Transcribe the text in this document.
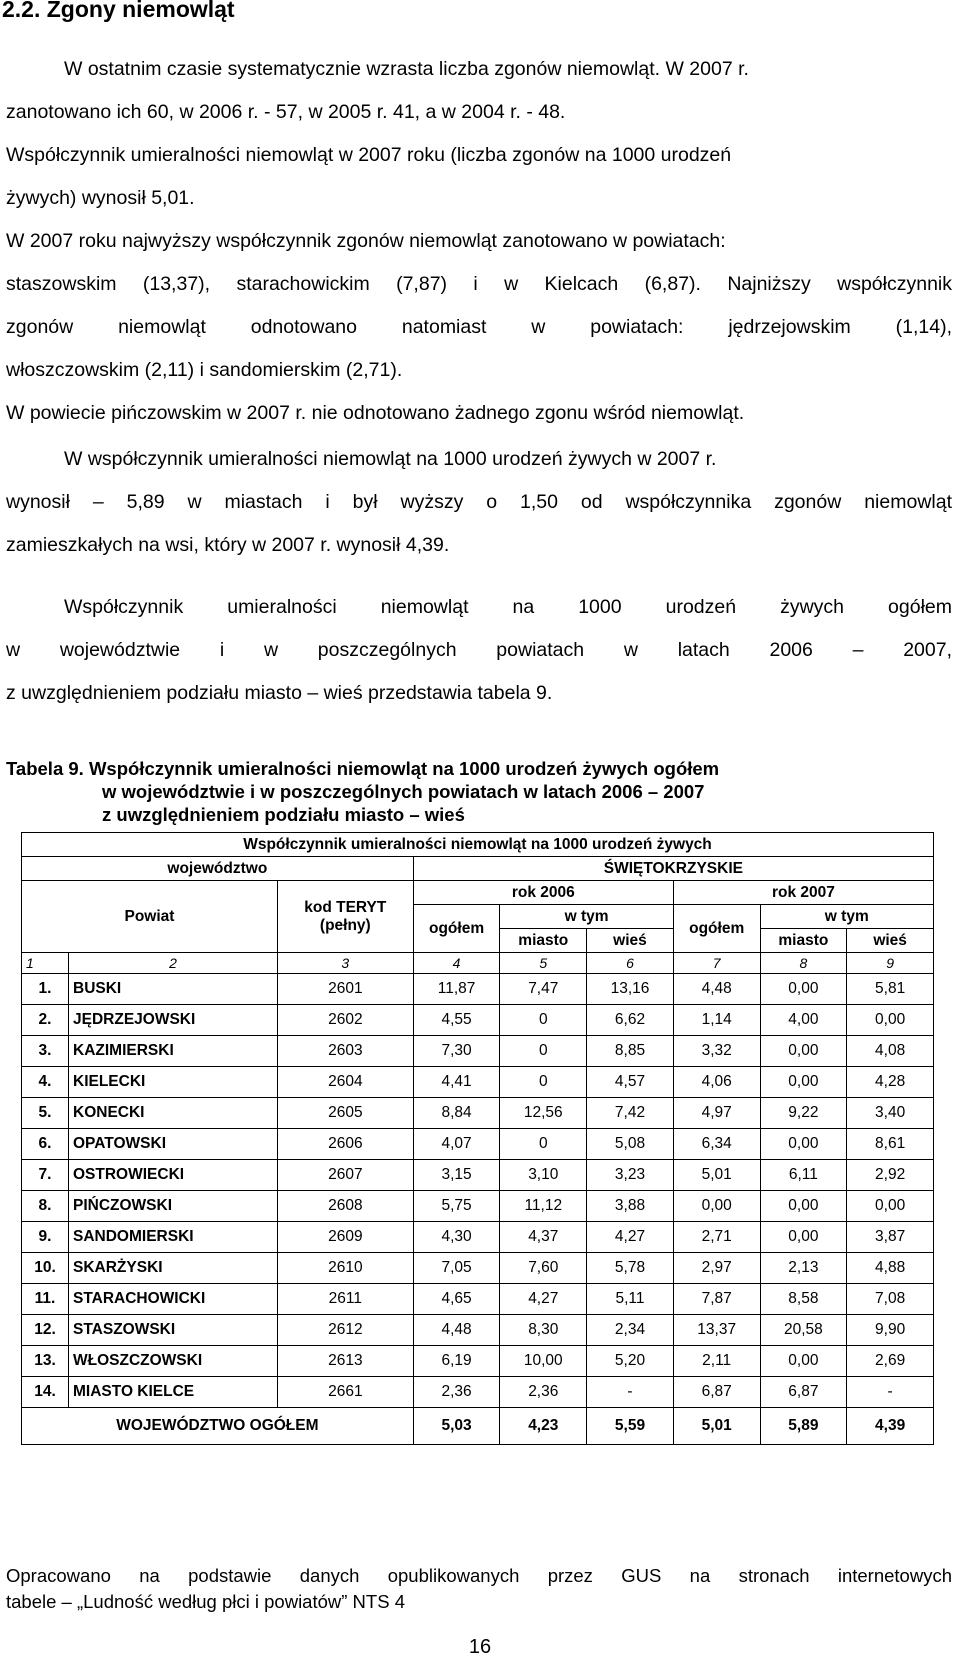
2.2. Zgony niemowląt
W ostatnim czasie systematycznie wzrasta liczba zgonów niemowląt. W 2007 r.
zanotowano ich 60, w 2006 r. - 57, w 2005 r. 41, a w 2004 r. - 48.
Współczynnik umieralności niemowląt w 2007 roku (liczba zgonów na 1000 urodzeń
żywych) wynosił 5,01.
W 2007 roku najwyższy współczynnik zgonów niemowląt zanotowano w powiatach:
staszowskim (13,37), starachowickim (7,87) i w Kielcach (6,87). Najniższy współczynnik
zgonów niemowląt odnotowano natomiast w powiatach: jędrzejowskim (1,14),
włoszczowskim (2,11) i sandomierskim (2,71).
W powiecie pińczowskim w 2007 r. nie odnotowano żadnego zgonu wśród niemowląt.
W współczynnik umieralności niemowląt na 1000 urodzeń żywych w 2007 r.
wynosił – 5,89 w miastach i był wyższy o 1,50 od współczynnika zgonów niemowląt
zamieszkałych na wsi, który w 2007 r. wynosił 4,39.
Współczynnik umieralności niemowląt na 1000 urodzeń żywych ogółem
w województwie i w poszczególnych powiatach w latach 2006 – 2007,
z uwzględnieniem podziału miasto – wieś przedstawia tabela 9.
Tabela 9. Współczynnik umieralności niemowląt na 1000 urodzeń żywych ogółem
w województwie i w poszczególnych powiatach w latach 2006 – 2007
z uwzględnieniem podziału miasto – wieś
Współczynnik umieralności niemowląt na 1000 urodzeń żywych								
województwo			ŚWIĘTOKRZYSKIE					
Powiat		kod TERYT (pełny)	rok 2006			rok 2007		
			ogółem	w tym		ogółem	w tym	
				miasto	wieś		miasto	wieś
1	2	3	4	5	6	7	8	9
1.	BUSKI	2601	11,87	7,47	13,16	4,48	0,00	5,81
2.	JĘDRZEJOWSKI	2602	4,55	0	6,62	1,14	4,00	0,00
3.	KAZIMIERSKI	2603	7,30	0	8,85	3,32	0,00	4,08
4.	KIELECKI	2604	4,41	0	4,57	4,06	0,00	4,28
5.	KONECKI	2605	8,84	12,56	7,42	4,97	9,22	3,40
6.	OPATOWSKI	2606	4,07	0	5,08	6,34	0,00	8,61
7.	OSTROWIECKI	2607	3,15	3,10	3,23	5,01	6,11	2,92
8.	PIŃCZOWSKI	2608	5,75	11,12	3,88	0,00	0,00	0,00
9.	SANDOMIERSKI	2609	4,30	4,37	4,27	2,71	0,00	3,87
10.	SKARŻYSKI	2610	7,05	7,60	5,78	2,97	2,13	4,88
11.	STARACHOWICKI	2611	4,65	4,27	5,11	7,87	8,58	7,08
12.	STASZOWSKI	2612	4,48	8,30	2,34	13,37	20,58	9,90
13.	WŁOSZCZOWSKI	2613	6,19	10,00	5,20	2,11	0,00	2,69
14.	MIASTO KIELCE	2661	2,36	2,36	-	6,87	6,87	-
WOJEWÓDZTWO OGÓŁEM			5,03	4,23	5,59	5,01	5,89	4,39
Opracowano na podstawie danych opublikowanych przez GUS na stronach internetowych
tabele – „Ludność według płci i powiatów” NTS 4
16
